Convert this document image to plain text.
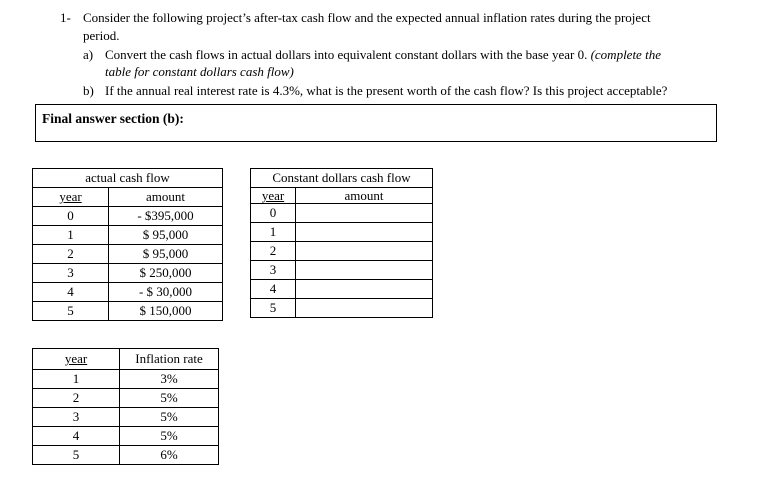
1- Consider the following project’s after-tax cash flow and the expected annual inflation rates during the project
period.
a) Convert the cash flows in actual dollars into equivalent constant dollars with the base year 0. (complete the
table for constant dollars cash flow)
b) If the annual real interest rate is 4.3%, what is the present worth of the cash flow? Is this project acceptable?
Final answer section (b):
actual cash flow	
year	amount
0	- $395,000
1	$ 95,000
2	$ 95,000
3	$ 250,000
4	- $ 30,000
5	$ 150,000
Constant dollars cash flow	
year	amount
0	
1	
2	
3	
4	
5	
year	Inflation rate
1	3%
2	5%
3	5%
4	5%
5	6%
